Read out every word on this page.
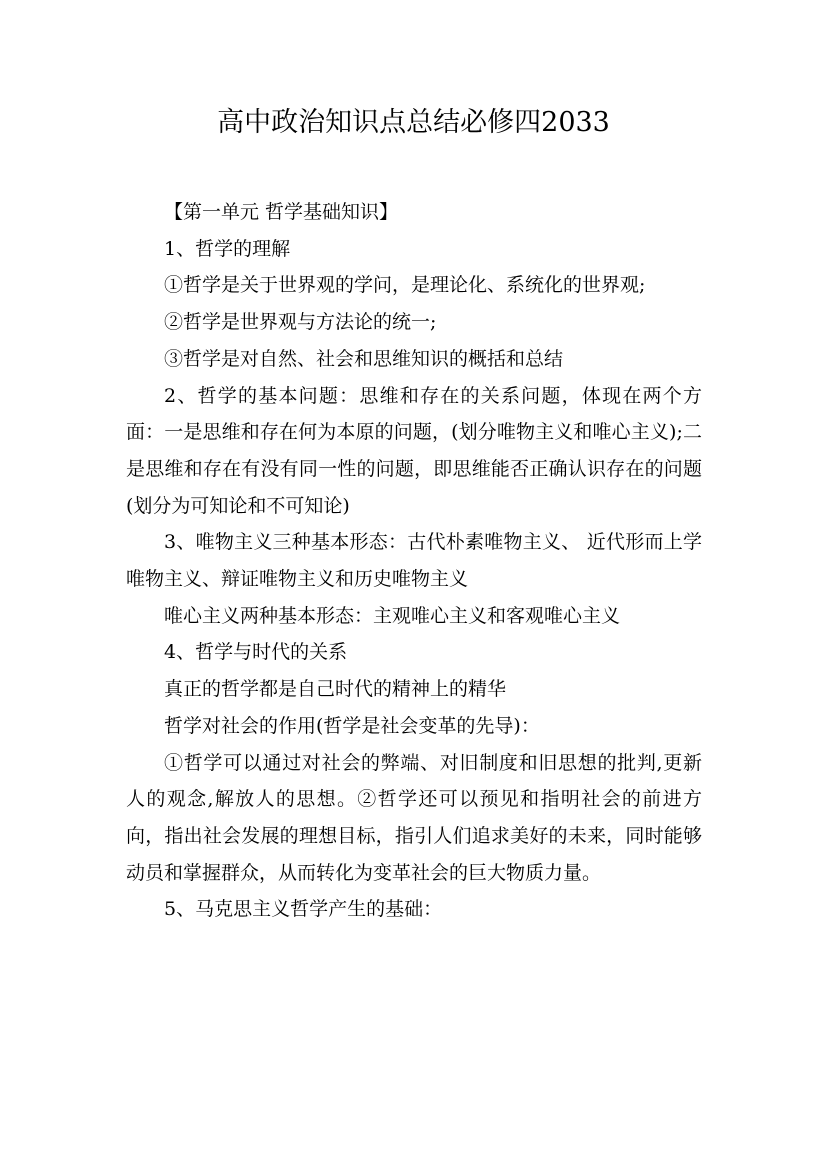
高中政治知识点总结必修四2033

【第一单元 哲学基础知识】

1、哲学的理解

①哲学是关于世界观的学问，是理论化、系统化的世界观;

②哲学是世界观与方法论的统一;

③哲学是对自然、社会和思维知识的概括和总结

2、哲学的基本问题：思维和存在的关系问题，体现在两个方面：一是思维和存在何为本原的问题，(划分唯物主义和唯心主义);二是思维和存在有没有同一性的问题，即思维能否正确认识存在的问题(划分为可知论和不可知论)

3、唯物主义三种基本形态：古代朴素唯物主义、 近代形而上学唯物主义、辩证唯物主义和历史唯物主义

唯心主义两种基本形态：主观唯心主义和客观唯心主义

4、哲学与时代的关系

真正的哲学都是自己时代的精神上的精华

哲学对社会的作用(哲学是社会变革的先导)：

①哲学可以通过对社会的弊端、对旧制度和旧思想的批判,更新人的观念,解放人的思想。②哲学还可以预见和指明社会的前进方向，指出社会发展的理想目标，指引人们追求美好的未来，同时能够动员和掌握群众，从而转化为变革社会的巨大物质力量。

5、马克思主义哲学产生的基础：
